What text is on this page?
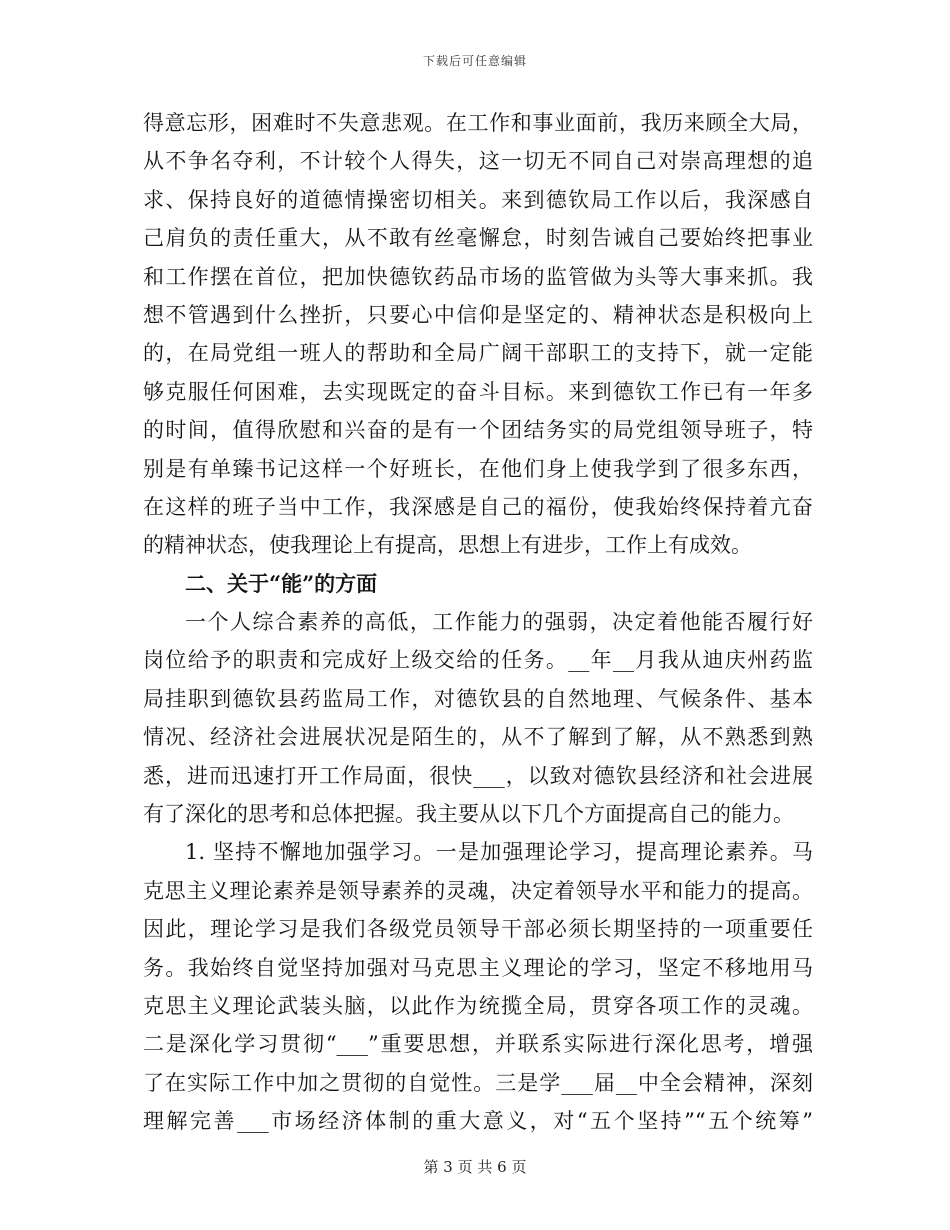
下载后可任意编辑
得意忘形，困难时不失意悲观。在工作和事业面前，我历来顾全大局，
从不争名夺利，不计较个人得失，这一切无不同自己对崇高理想的追
求、保持良好的道德情操密切相关。来到德钦局工作以后，我深感自
己肩负的责任重大，从不敢有丝毫懈怠，时刻告诫自己要始终把事业
和工作摆在首位，把加快德钦药品市场的监管做为头等大事来抓。我
想不管遇到什么挫折，只要心中信仰是坚定的、精神状态是积极向上
的，在局党组一班人的帮助和全局广阔干部职工的支持下，就一定能
够克服任何困难，去实现既定的奋斗目标。来到德钦工作已有一年多
的时间，值得欣慰和兴奋的是有一个团结务实的局党组领导班子，特
别是有单臻书记这样一个好班长，在他们身上使我学到了很多东西，
在这样的班子当中工作，我深感是自己的福份，使我始终保持着亢奋
的精神状态，使我理论上有提高，思想上有进步，工作上有成效。
二、关于“能”的方面
一个人综合素养的高低，工作能力的强弱，决定着他能否履行好
岗位给予的职责和完成好上级交给的任务。__年__月我从迪庆州药监
局挂职到德钦县药监局工作，对德钦县的自然地理、气候条件、基本
情况、经济社会进展状况是陌生的，从不了解到了解，从不熟悉到熟
悉，进而迅速打开工作局面，很快___，以致对德钦县经济和社会进展
有了深化的思考和总体把握。我主要从以下几个方面提高自己的能力。
1. 坚持不懈地加强学习。一是加强理论学习，提高理论素养。马
克思主义理论素养是领导素养的灵魂，决定着领导水平和能力的提高。
因此，理论学习是我们各级党员领导干部必须长期坚持的一项重要任
务。我始终自觉坚持加强对马克思主义理论的学习，坚定不移地用马
克思主义理论武装头脑，以此作为统揽全局，贯穿各项工作的灵魂。
二是深化学习贯彻“___”重要思想，并联系实际进行深化思考，增强
了在实际工作中加之贯彻的自觉性。三是学___届__中全会精神，深刻
理解完善___市场经济体制的重大意义，对“五个坚持”“五个统筹”
第 3 页 共 6 页
